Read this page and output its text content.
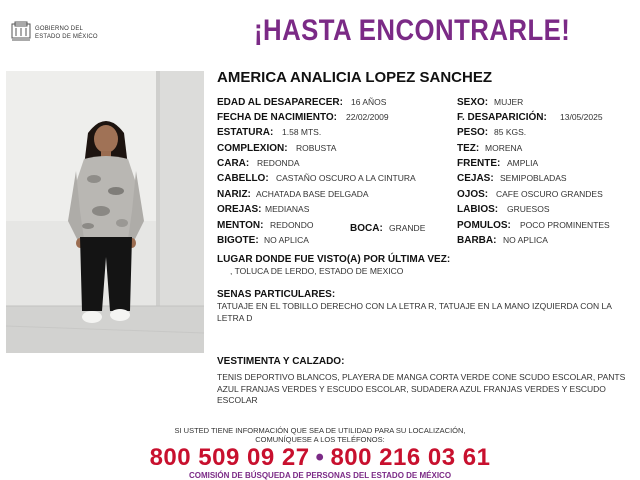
GOBIERNO DEL
ESTADO DE MÉXICO	¡HASTA ENCONTRARLE!
AMERICA ANALICIA LOPEZ SANCHEZ
EDAD AL DESAPARECER: 16 AÑOS
FECHA DE NACIMIENTO: 22/02/2009
ESTATURA: 1.58 MTS.
COMPLEXION: ROBUSTA
CARA: REDONDA
CABELLO: CASTAÑO OSCURO A LA CINTURA
NARIZ: ACHATADA BASE DELGADA
OREJAS: MEDIANAS
MENTON: REDONDO	BOCA: GRANDE
BIGOTE: NO APLICA
SEXO: MUJER
F. DESAPARICIÓN: 13/05/2025
PESO: 85 KGS.
TEZ: MORENA
FRENTE: AMPLIA
CEJAS: SEMIPOBLADAS
OJOS: CAFE OSCURO GRANDES
LABIOS: GRUESOS
POMULOS: POCO PROMINENTES
BARBA: NO APLICA
LUGAR DONDE FUE VISTO(A) POR ÚLTIMA VEZ:
, TOLUCA DE LERDO, ESTADO DE MEXICO
SENAS PARTICULARES:
TATUAJE EN EL TOBILLO DERECHO CON LA LETRA R, TATUAJE EN LA MANO IZQUIERDA CON LA LETRA D
VESTIMENTA Y CALZADO:
TENIS DEPORTIVO BLANCOS, PLAYERA DE MANGA CORTA VERDE CONE SCUDO ESCOLAR, PANTS AZUL FRANJAS VERDES Y ESCUDO ESCOLAR, SUDADERA AZUL FRANJAS VERDES Y ESCUDO ESCOLAR
SI USTED TIENE INFORMACIÓN QUE SEA DE UTILIDAD PARA SU LOCALIZACIÓN,
COMUNÍQUESE A LOS TELÉFONOS:
800 509 09 27 • 800 216 03 61
COMISIÓN DE BÚSQUEDA DE PERSONAS DEL ESTADO DE MÉXICO
